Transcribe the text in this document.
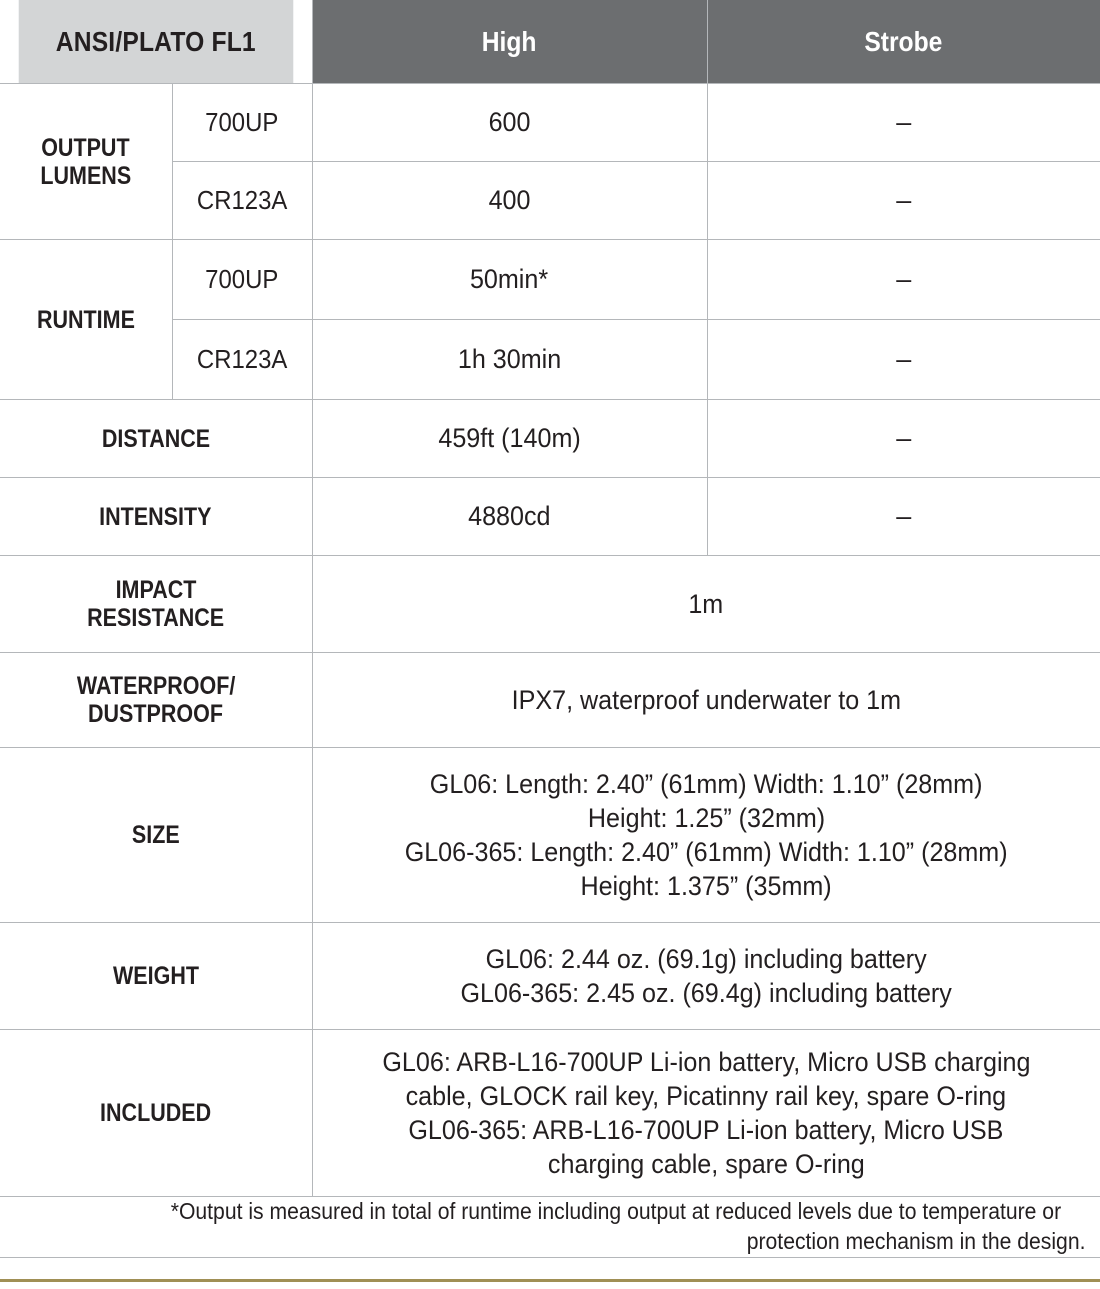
ANSI/PLATO FL1		High	Strobe
OUTPUT
LUMENS	700UP	600	–
	CR123A	400	–
RUNTIME	700UP	50min*	–
	CR123A	1h 30min	–
DISTANCE		459ft (140m)	–
INTENSITY		4880cd	–
IMPACT
RESISTANCE		1m	

WATERPROOF/
DUSTPROOF		IPX7, waterproof underwater to 1m	

SIZE		GL06: Length: 2.40” (61mm) Width: 1.10” (28mm)
Height: 1.25” (32mm)
GL06-365: Length: 2.40” (61mm) Width: 1.10” (28mm)
Height: 1.375” (35mm)	

WEIGHT		GL06: 2.44 oz. (69.1g) including battery
GL06-365: 2.45 oz. (69.4g) including battery	

INCLUDED		GL06: ARB-L16-700UP Li-ion battery, Micro USB charging
cable, GLOCK rail key, Picatinny rail key, spare O-ring
GL06-365: ARB-L16-700UP Li-ion battery, Micro USB
charging cable, spare O-ring	

*Output is measured in total of runtime including output at reduced levels due to temperature or
protection mechanism in the design.			
